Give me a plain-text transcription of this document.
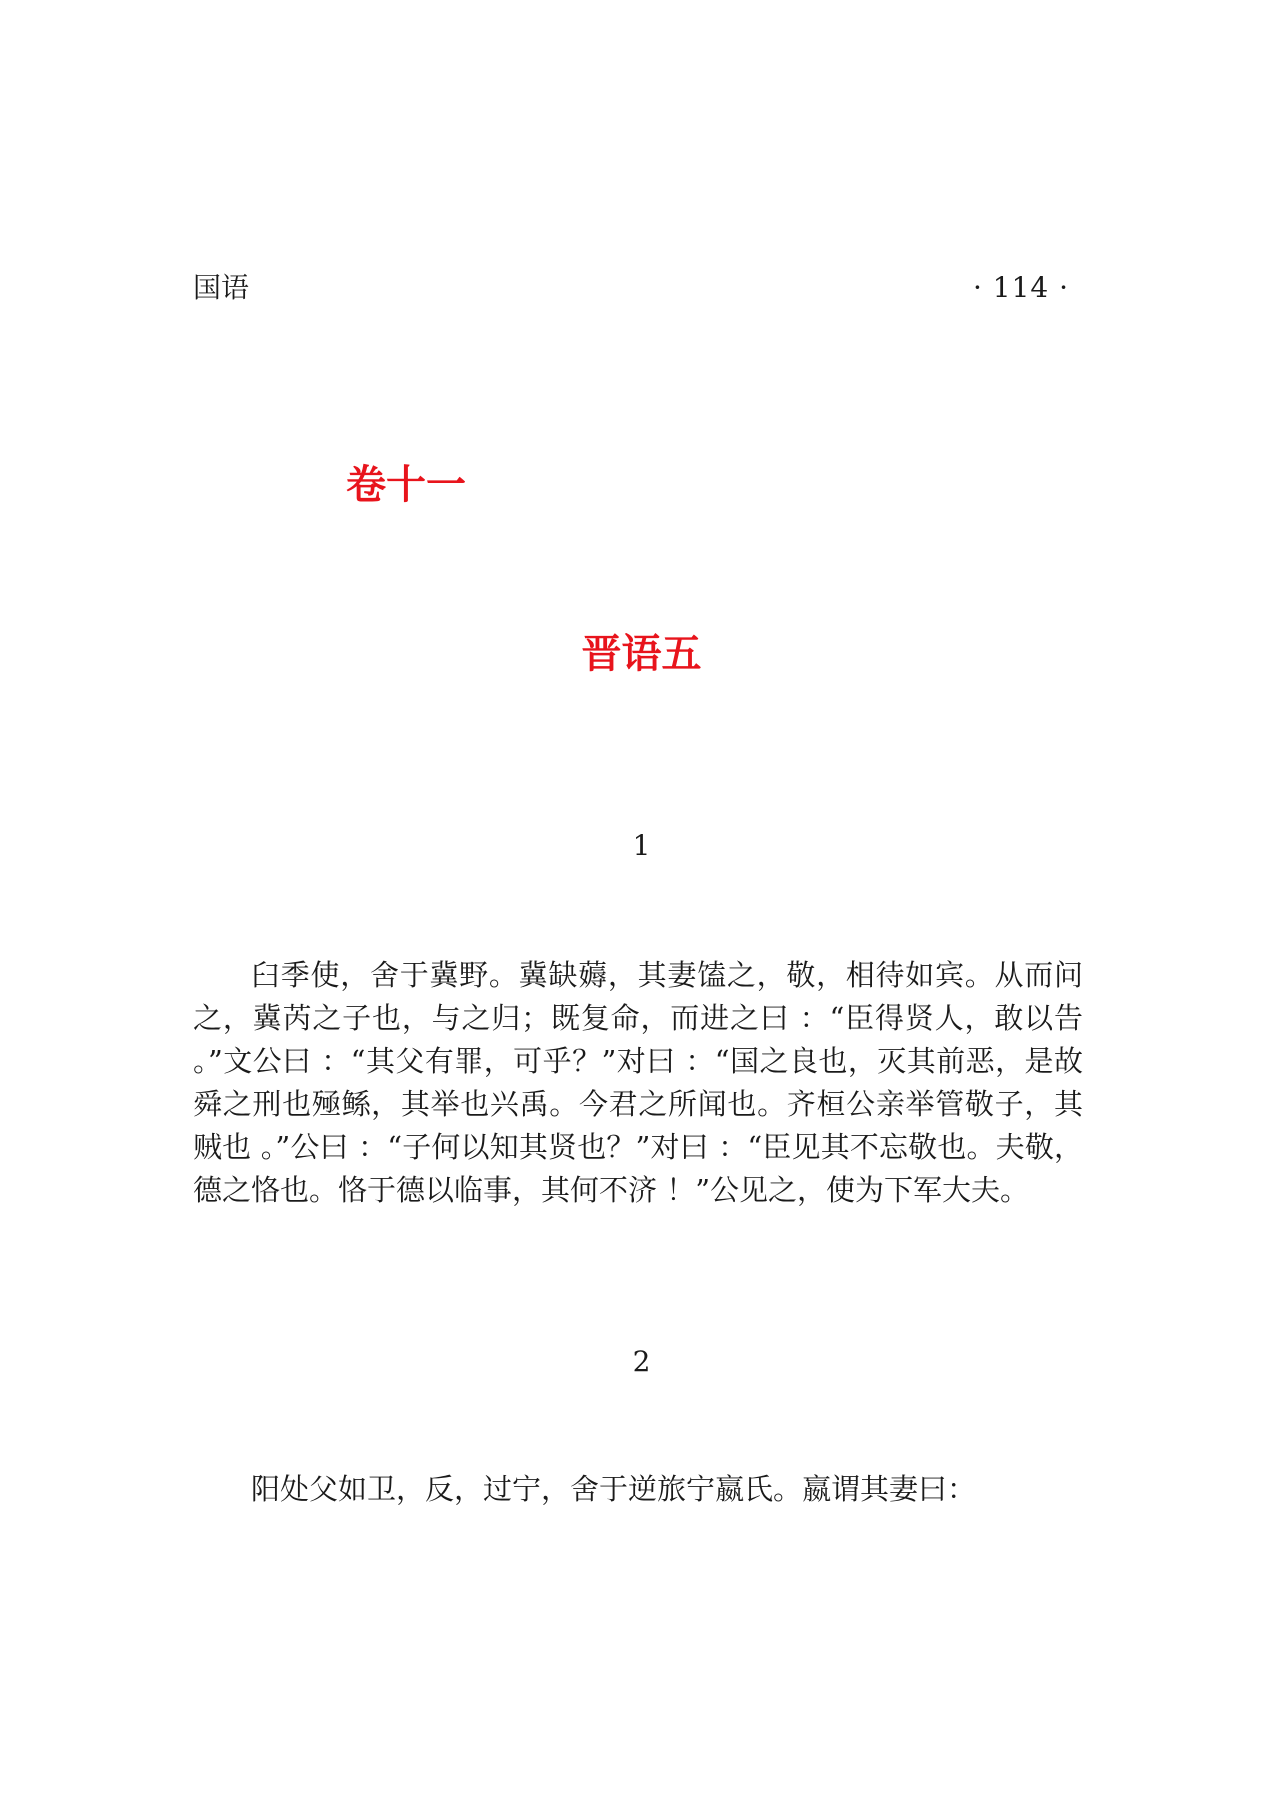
国语	· 114 ·
卷十一
晋语五
1

臼季使，舍于冀野。冀缺薅，其妻馌之，敬，相待如宾。从而问之，冀芮之子也，与之归；既复命，而进之曰 ：“臣得贤人，敢以告 。”文公曰 ：“其父有罪，可乎？”对曰 ：“国之良也，灭其前恶，是故舜之刑也殛鲧，其举也兴禹。今君之所闻也。齐桓公亲举管敬子，其贼也 。”公曰 ：“子何以知其贤也？”对曰 ：“臣见其不忘敬也。夫敬，德之恪也。恪于德以临事，其何不济 ！”公见之，使为下军大夫。

2

阳处父如卫，反，过宁，舍于逆旅宁嬴氏。嬴谓其妻曰：
